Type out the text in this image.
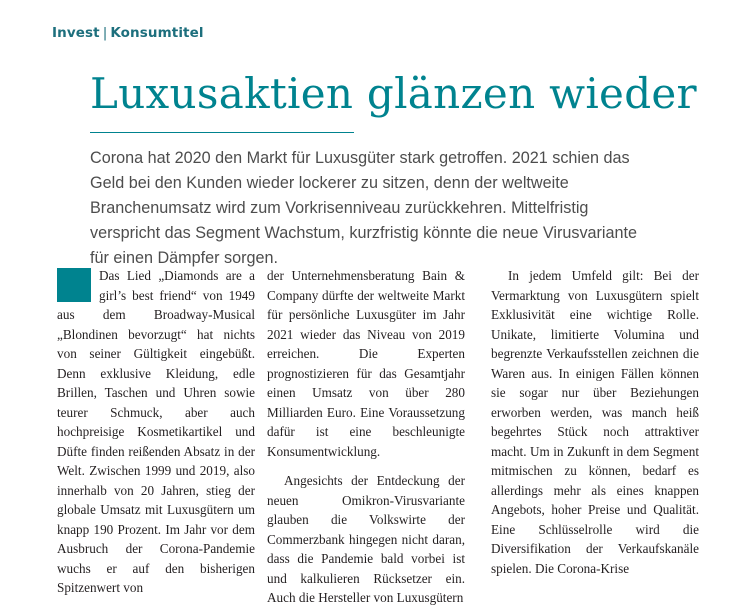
Invest | Konsumtitel
Luxusaktien glänzen wieder

Corona hat 2020 den Markt für Luxusgüter stark getroffen. 2021 schien das Geld bei den Kunden wieder lockerer zu sitzen, denn der weltweite Branchenumsatz wird zum Vorkrisenniveau zurückkehren. Mittelfristig verspricht das Segment Wachstum, kurzfristig könnte die neue Virusvariante für einen Dämpfer sorgen.

Das Lied „Diamonds are a girl’s best friend“ von 1949 aus dem Broadway-Musical „Blondinen bevorzugt“ hat nichts von seiner Gültigkeit eingebüßt. Denn exklusive Kleidung, edle Brillen, Taschen und Uhren sowie teurer Schmuck, aber auch hochpreisige Kosmetikartikel und Düfte finden reißenden Absatz in der Welt. Zwischen 1999 und 2019, also innerhalb von 20 Jahren, stieg der globale Umsatz mit Luxusgütern um knapp 190 Prozent. Im Jahr vor dem Ausbruch der Corona-Pandemie wuchs er auf den bisherigen Spitzenwert von

der Unternehmensberatung Bain & Company dürfte der weltweite Markt für persönliche Luxusgüter im Jahr 2021 wieder das Niveau von 2019 erreichen. Die Experten prognostizieren für das Gesamtjahr einen Umsatz von über 280 Milliarden Euro. Eine Voraussetzung dafür ist eine beschleunigte Konsumentwicklung.
Angesichts der Entdeckung der neuen Omikron-Virusvariante glauben die Volkswirte der Commerzbank hingegen nicht daran, dass die Pandemie bald vorbei ist und kalkulieren Rücksetzer ein. Auch die Hersteller von Luxusgütern

In jedem Umfeld gilt: Bei der Vermarktung von Luxusgütern spielt Exklusivität eine wichtige Rolle. Unikate, limitierte Volumina und begrenzte Verkaufsstellen zeichnen die Waren aus. In einigen Fällen können sie sogar nur über Beziehungen erworben werden, was manch heiß begehrtes Stück noch attraktiver macht. Um in Zukunft in dem Segment mitmischen zu können, bedarf es allerdings mehr als eines knappen Angebots, hoher Preise und Qualität. Eine Schlüsselrolle wird die Diversifikation der Verkaufskanäle spielen. Die Corona-Krise
